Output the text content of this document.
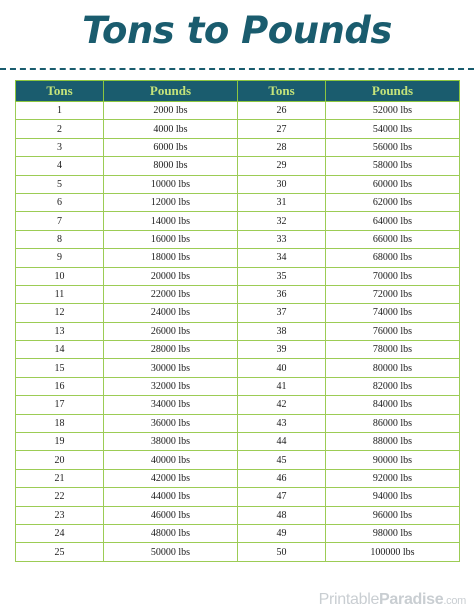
Tons to Pounds
Tons	Pounds	Tons	Pounds
1	2000 lbs	26	52000 lbs
2	4000 lbs	27	54000 lbs
3	6000 lbs	28	56000 lbs
4	8000 lbs	29	58000 lbs
5	10000 lbs	30	60000 lbs
6	12000 lbs	31	62000 lbs
7	14000 lbs	32	64000 lbs
8	16000 lbs	33	66000 lbs
9	18000 lbs	34	68000 lbs
10	20000 lbs	35	70000 lbs
11	22000 lbs	36	72000 lbs
12	24000 lbs	37	74000 lbs
13	26000 lbs	38	76000 lbs
14	28000 lbs	39	78000 lbs
15	30000 lbs	40	80000 lbs
16	32000 lbs	41	82000 lbs
17	34000 lbs	42	84000 lbs
18	36000 lbs	43	86000 lbs
19	38000 lbs	44	88000 lbs
20	40000 lbs	45	90000 lbs
21	42000 lbs	46	92000 lbs
22	44000 lbs	47	94000 lbs
23	46000 lbs	48	96000 lbs
24	48000 lbs	49	98000 lbs
25	50000 lbs	50	100000 lbs
PrintableParadise.com
